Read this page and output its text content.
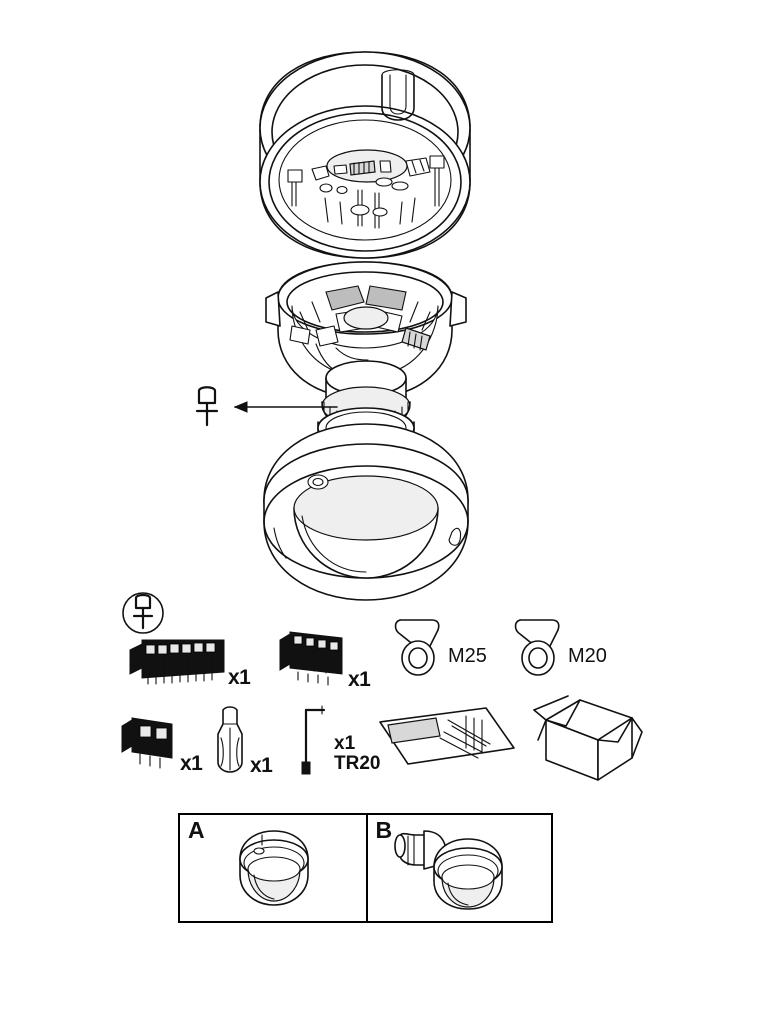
x1	x1
M25	M20
x1 x1
x1
TR20
A	B
